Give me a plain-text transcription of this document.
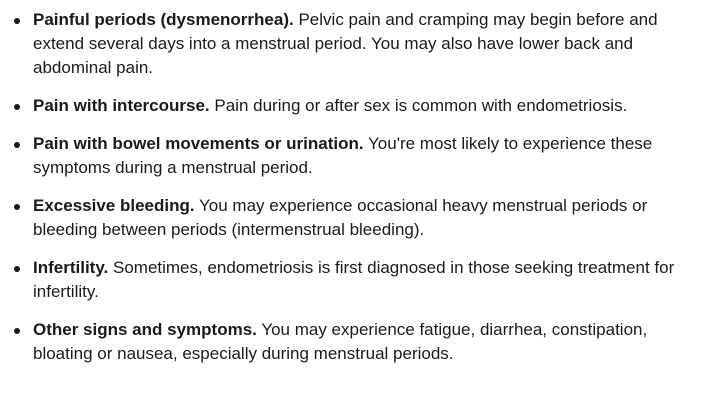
Painful periods (dysmenorrhea). Pelvic pain and cramping may begin before and extend several days into a menstrual period. You may also have lower back and abdominal pain.
Pain with intercourse. Pain during or after sex is common with endometriosis.
Pain with bowel movements or urination. You're most likely to experience these symptoms during a menstrual period.
Excessive bleeding. You may experience occasional heavy menstrual periods or bleeding between periods (intermenstrual bleeding).
Infertility. Sometimes, endometriosis is first diagnosed in those seeking treatment for infertility.
Other signs and symptoms. You may experience fatigue, diarrhea, constipation, bloating or nausea, especially during menstrual periods.
